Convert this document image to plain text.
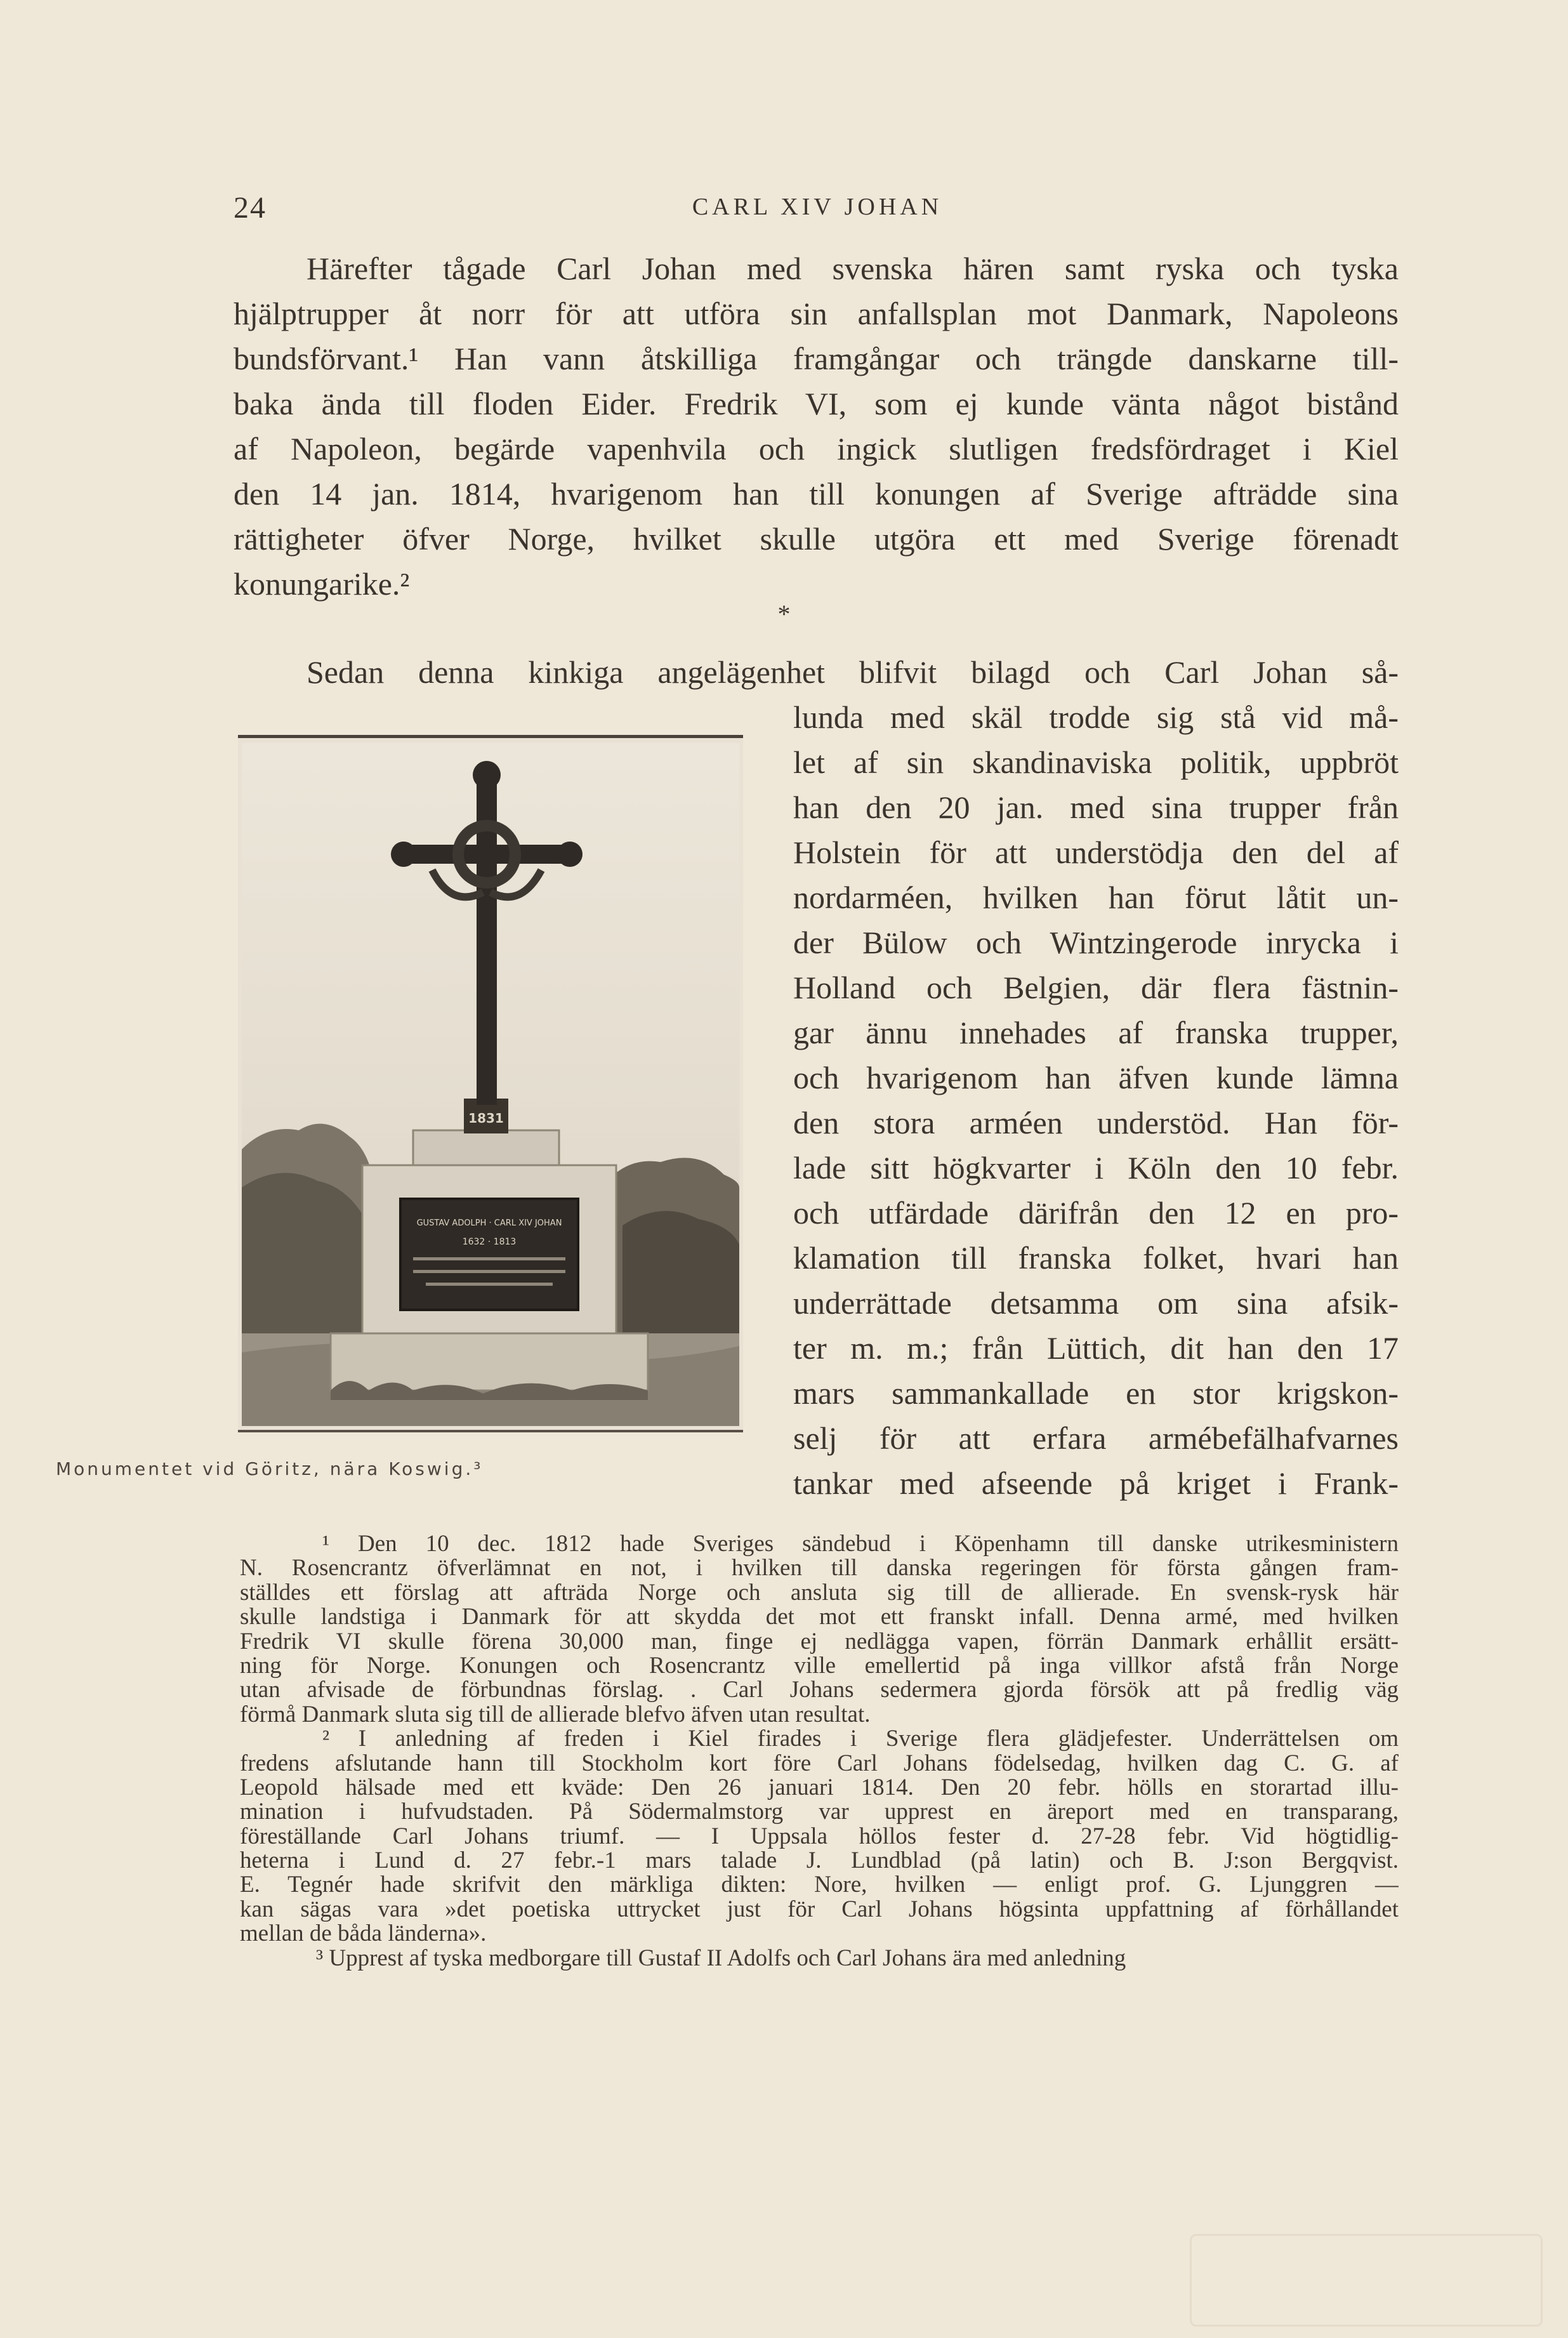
24	CARL XIV JOHAN
Härefter tågade Carl Johan med svenska hären samt ryska och tyska
hjälptrupper åt norr för att utföra sin anfallsplan mot Danmark, Napoleons
bundsförvant.¹ Han vann åtskilliga framgångar och trängde danskarne till-
baka ända till floden Eider. Fredrik VI, som ej kunde vänta något bistånd
af Napoleon, begärde vapenhvila och ingick slutligen fredsfördraget i Kiel
den 14 jan. 1814, hvarigenom han till konungen af Sverige afträdde sina
rättigheter öfver Norge, hvilket skulle utgöra ett med Sverige förenadt
konungarike.²
*
Sedan denna kinkiga angelägenhet blifvit bilagd och Carl Johan så-
lunda med skäl trodde sig stå vid må-
let af sin skandinaviska politik, uppbröt
han den 20 jan. med sina trupper från
Holstein för att understödja den del af
nordarméen, hvilken han förut låtit un-
der Bülow och Wintzingerode inrycka i
Holland och Belgien, där flera fästnin-
gar ännu innehades af franska trupper,
och hvarigenom han äfven kunde lämna
den stora arméen understöd. Han för-
lade sitt högkvarter i Köln den 10 febr.
och utfärdade därifrån den 12 en pro-
klamation till franska folket, hvari han
underrättade detsamma om sina afsik-
ter m. m.; från Lüttich, dit han den 17
mars sammankallade en stor krigskon-
selj för att erfara armébefälhafvarnes
tankar med afseende på kriget i Frank-
GUSTAV ADOLPH · CARL XIV JOHAN
1632 · 1813
1831
Monumentet vid Göritz, nära Koswig.³
¹ Den 10 dec. 1812 hade Sveriges sändebud i Köpenhamn till danske utrikesministern
N. Rosencrantz öfverlämnat en not, i hvilken till danska regeringen för första gången fram-
ställdes ett förslag att afträda Norge och ansluta sig till de allierade. En svensk-rysk här
skulle landstiga i Danmark för att skydda det mot ett franskt infall. Denna armé, med hvilken
Fredrik VI skulle förena 30,000 man, finge ej nedlägga vapen, förrän Danmark erhållit ersätt-
ning för Norge. Konungen och Rosencrantz ville emellertid på inga villkor afstå från Norge
utan afvisade de förbundnas förslag. . Carl Johans sedermera gjorda försök att på fredlig väg
förmå Danmark sluta sig till de allierade blefvo äfven utan resultat.
² I anledning af freden i Kiel firades i Sverige flera glädjefester. Underrättelsen om
fredens afslutande hann till Stockholm kort före Carl Johans födelsedag, hvilken dag C. G. af
Leopold hälsade med ett kväde: Den 26 januari 1814. Den 20 febr. hölls en storartad illu-
mination i hufvudstaden. På Södermalmstorg var upprest en äreport med en transparang,
föreställande Carl Johans triumf. — I Uppsala höllos fester d. 27-28 febr. Vid högtidlig-
heterna i Lund d. 27 febr.-1 mars talade J. Lundblad (på latin) och B. J:son Bergqvist.
E. Tegnér hade skrifvit den märkliga dikten: Nore, hvilken — enligt prof. G. Ljunggren —
kan sägas vara »det poetiska uttrycket just för Carl Johans högsinta uppfattning af förhållandet
mellan de båda länderna».
³ Upprest af tyska medborgare till Gustaf II Adolfs och Carl Johans ära med anledning
